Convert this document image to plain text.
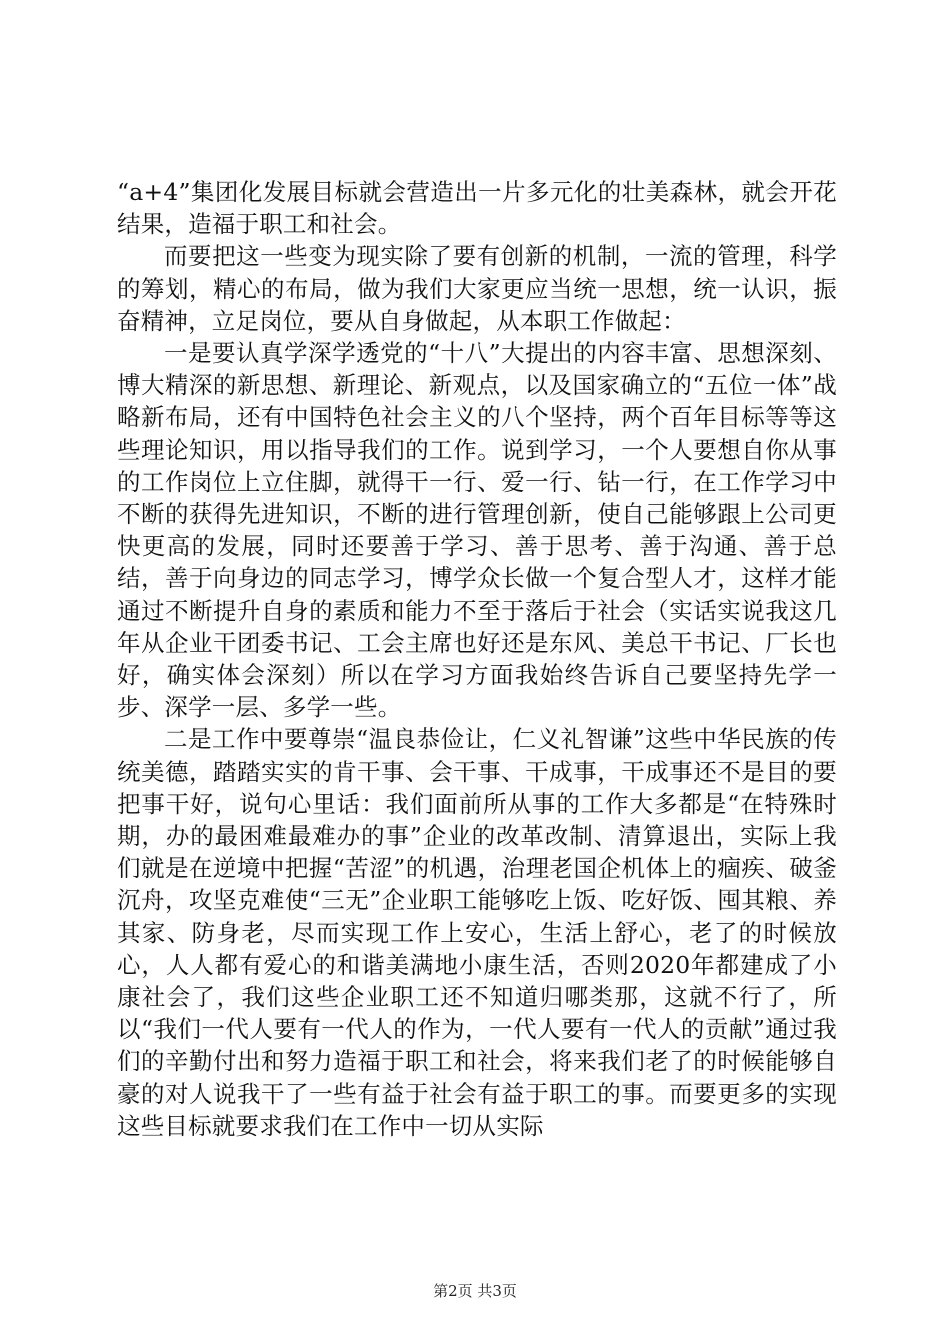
“a+4”集团化发展目标就会营造出一片多元化的壮美森林，就会开花结果，造福于职工和社会。

而要把这一些变为现实除了要有创新的机制，一流的管理，科学的筹划，精心的布局，做为我们大家更应当统一思想，统一认识，振奋精神，立足岗位，要从自身做起，从本职工作做起：

一是要认真学深学透党的“十八”大提出的内容丰富、思想深刻、博大精深的新思想、新理论、新观点，以及国家确立的“五位一体”战略新布局，还有中国特色社会主义的八个坚持，两个百年目标等等这些理论知识，用以指导我们的工作。说到学习，一个人要想自你从事的工作岗位上立住脚，就得干一行、爱一行、钻一行，在工作学习中不断的获得先进知识，不断的进行管理创新，使自己能够跟上公司更快更高的发展，同时还要善于学习、善于思考、善于沟通、善于总结，善于向身边的同志学习，博学众长做一个复合型人才，这样才能通过不断提升自身的素质和能力不至于落后于社会（实话实说我这几年从企业干团委书记、工会主席也好还是东风、美总干书记、厂长也好，确实体会深刻）所以在学习方面我始终告诉自己要坚持先学一步、深学一层、多学一些。

二是工作中要尊崇“温良恭俭让，仁义礼智谦”这些中华民族的传统美德，踏踏实实的肯干事、会干事、干成事，干成事还不是目的要把事干好，说句心里话：我们面前所从事的工作大多都是“在特殊时期，办的最困难最难办的事”企业的改革改制、清算退出，实际上我们就是在逆境中把握“苦涩”的机遇，治理老国企机体上的痼疾、破釜沉舟，攻坚克难使“三无”企业职工能够吃上饭、吃好饭、囤其粮、养其家、防身老，尽而实现工作上安心，生活上舒心，老了的时候放心，人人都有爱心的和谐美满地小康生活，否则2020年都建成了小康社会了，我们这些企业职工还不知道归哪类那，这就不行了，所以“我们一代人要有一代人的作为，一代人要有一代人的贡献”通过我们的辛勤付出和努力造福于职工和社会，将来我们老了的时候能够自豪的对人说我干了一些有益于社会有益于职工的事。而要更多的实现这些目标就要求我们在工作中一切从实际

第2页 共3页
